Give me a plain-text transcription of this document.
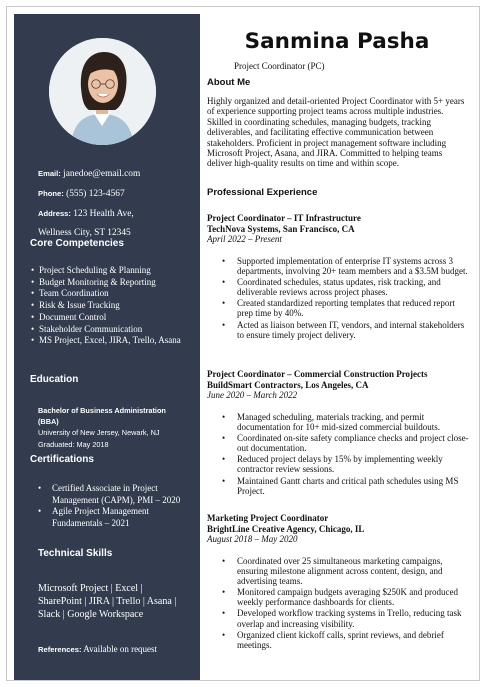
Email: janedoe@email.com
Phone: (555) 123-4567
Address: 123 Health Ave,
Wellness City, ST 12345
Core Competencies
• Project Scheduling & Planning
• Budget Monitoring & Reporting
• Team Coordination
• Risk & Issue Tracking
• Document Control
• Stakeholder Communication
• MS Project, Excel, JIRA, Trello, Asana
Education
Bachelor of Business Administration
(BBA)
University of New Jersey, Newark, NJ
Graduated: May 2018
Certifications
• Certified Associate in Project Management (CAPM), PMI – 2020
• Agile Project Management Fundamentals – 2021
Technical Skills
Microsoft Project | Excel | SharePoint | JIRA | Trello | Asana | Slack | Google Workspace
References: Available on request
Sanmina Pasha
Project Coordinator (PC)
About Me
Highly organized and detail-oriented Project Coordinator with 5+ years of experience supporting project teams across multiple industries. Skilled in coordinating schedules, managing budgets, tracking deliverables, and facilitating effective communication between stakeholders. Proficient in project management software including Microsoft Project, Asana, and JIRA. Committed to helping teams deliver high-quality results on time and within scope.
Professional Experience
Project Coordinator – IT Infrastructure
TechNova Systems, San Francisco, CA
April 2022 – Present
• Supported implementation of enterprise IT systems across 3 departments, involving 20+ team members and a $3.5M budget.
• Coordinated schedules, status updates, risk tracking, and deliverable reviews across project phases.
• Created standardized reporting templates that reduced report prep time by 40%.
• Acted as liaison between IT, vendors, and internal stakeholders to ensure timely project delivery.
Project Coordinator – Commercial Construction Projects
BuildSmart Contractors, Los Angeles, CA
June 2020 – March 2022
• Managed scheduling, materials tracking, and permit documentation for 10+ mid-sized commercial buildouts.
• Coordinated on-site safety compliance checks and project close-out documentation.
• Reduced project delays by 15% by implementing weekly contractor review sessions.
• Maintained Gantt charts and critical path schedules using MS Project.
Marketing Project Coordinator
BrightLine Creative Agency, Chicago, IL
August 2018 – May 2020
• Coordinated over 25 simultaneous marketing campaigns, ensuring milestone alignment across content, design, and advertising teams.
• Monitored campaign budgets averaging $250K and produced weekly performance dashboards for clients.
• Developed workflow tracking systems in Trello, reducing task overlap and increasing visibility.
• Organized client kickoff calls, sprint reviews, and debrief meetings.
